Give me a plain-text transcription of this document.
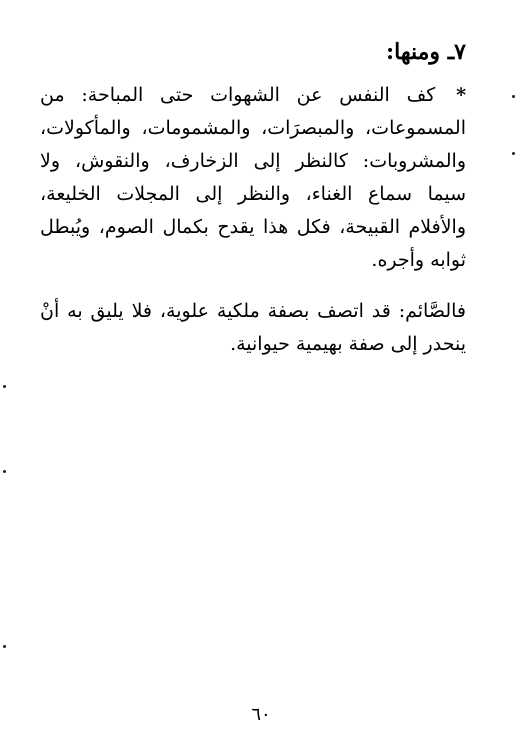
٧ـ ومنها:

* كف النفس عن الشهوات حتى المباحة: من المسموعات، والمبصرَات، والمشمومات، والمأكولات، والمشروبات: كالنظر إلى الزخارف، والنقوش، ولا سيما سماع الغناء، والنظر إلى المجلات الخليعة، والأفلام القبيحة، فكل هذا يقدح بكمال الصوم، ويُبطل ثوابه وأجره.

فالصَّائم: قد اتصف بصفة ملكية علوية، فلا يليق به أنْ ينحدر إلى صفة بهيمية حيوانية.

٦٠
